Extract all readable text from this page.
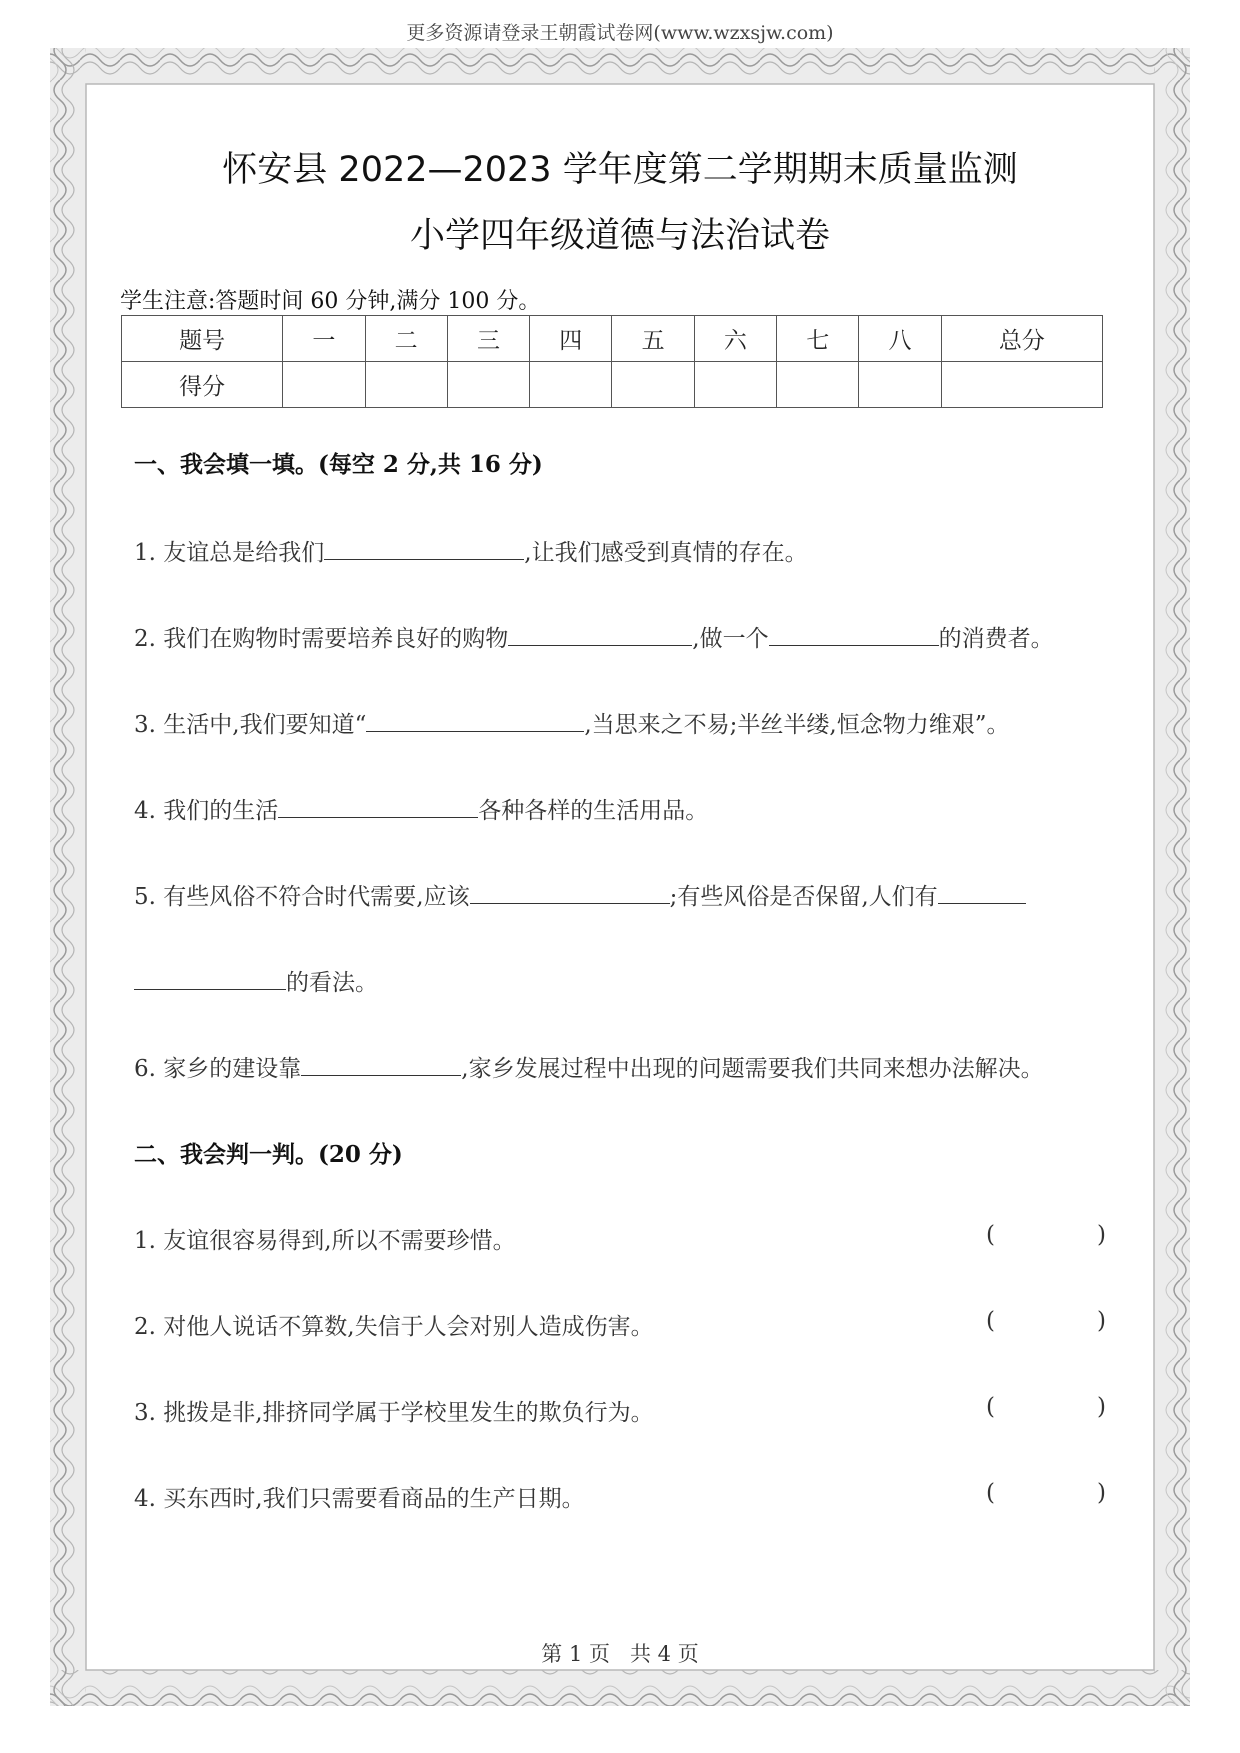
更多资源请登录王朝霞试卷网(www.wzxsjw.com)
怀安县 2022—2023 学年度第二学期期末质量监测
小学四年级道德与法治试卷
学生注意:答题时间 60 分钟,满分 100 分。
题号	一	二	三	四	五	六	七	八	总分
得分									
一、我会填一填。(每空 2 分,共 16 分)
1. 友谊总是给我们	,让我们感受到真情的存在。
2. 我们在购物时需要培养良好的购物	,做一个	的消费者。
3. 生活中,我们要知道“	,当思来之不易;半丝半缕,恒念物力维艰”。
4. 我们的生活	各种各样的生活用品。
5. 有些风俗不符合时代需要,应该	;有些风俗是否保留,人们有
的看法。
6. 家乡的建设靠	,家乡发展过程中出现的问题需要我们共同来想办法解决。
二、我会判一判。(20 分)
1. 友谊很容易得到,所以不需要珍惜。	(	)
2. 对他人说话不算数,失信于人会对别人造成伤害。	(	)
3. 挑拨是非,排挤同学属于学校里发生的欺负行为。	(	)
4. 买东西时,我们只需要看商品的生产日期。	(	)
第 1 页   共 4 页
